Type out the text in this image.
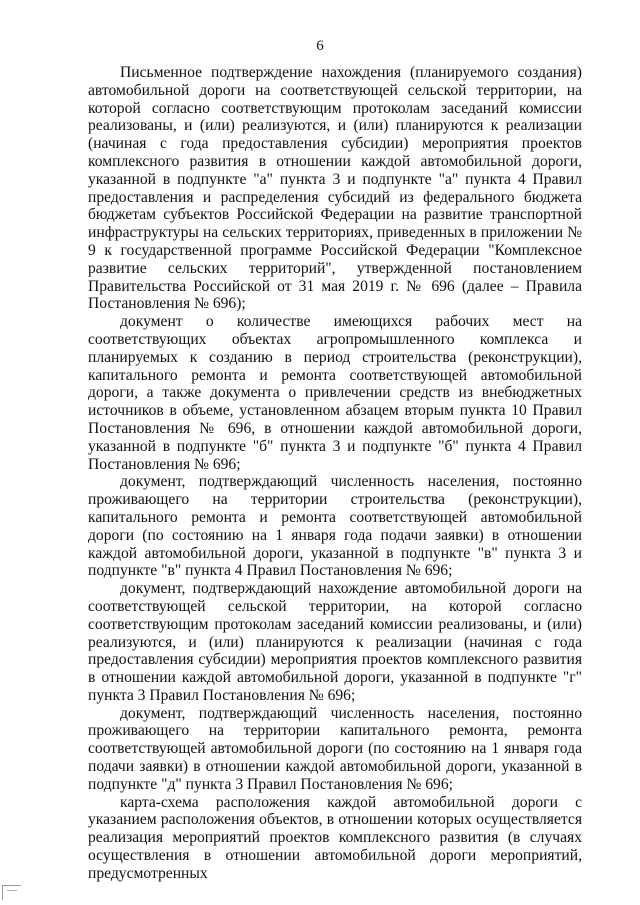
6

Письменное подтверждение нахождения (планируемого создания) автомобильной дороги на соответствующей сельской территории, на которой согласно соответствующим протоколам заседаний комиссии реализованы, и (или) реализуются, и (или) планируются к реализации (начиная с года предоставления субсидии) мероприятия проектов комплексного развития в отношении каждой автомобильной дороги, указанной в подпункте "а" пункта 3 и подпункте "а" пункта 4 Правил предоставления и распределения субсидий из федерального бюджета бюджетам субъектов Российской Федерации на развитие транспортной инфраструктуры на сельских территориях, приведенных в приложении № 9 к государственной программе Российской Федерации "Комплексное развитие сельских территорий", утвержденной постановлением Правительства Российской от 31 мая 2019 г. № 696 (далее – Правила Постановления № 696);

документ о количестве имеющихся рабочих мест на соответствующих объектах агропромышленного комплекса и планируемых к созданию в период строительства (реконструкции), капитального ремонта и ремонта соответствующей автомобильной дороги, а также документа о привлечении средств из внебюджетных источников в объеме, установленном абзацем вторым пункта 10 Правил Постановления № 696, в отношении каждой автомобильной дороги, указанной в подпункте "б" пункта 3 и подпункте "б" пункта 4 Правил Постановления № 696;

документ, подтверждающий численность населения, постоянно проживающего на территории строительства (реконструкции), капитального ремонта и ремонта соответствующей автомобильной дороги (по состоянию на 1 января года подачи заявки) в отношении каждой автомобильной дороги, указанной в подпункте "в" пункта 3 и подпункте "в" пункта 4 Правил Постановления № 696;

документ, подтверждающий нахождение автомобильной дороги на соответствующей сельской территории, на которой согласно соответствующим протоколам заседаний комиссии реализованы, и (или) реализуются, и (или) планируются к реализации (начиная с года предоставления субсидии) мероприятия проектов комплексного развития в отношении каждой автомобильной дороги, указанной в подпункте "г" пункта 3 Правил Постановления № 696;

документ, подтверждающий численность населения, постоянно проживающего на территории капитального ремонта, ремонта соответствующей автомобильной дороги (по состоянию на 1 января года подачи заявки) в отношении каждой автомобильной дороги, указанной в подпункте "д" пункта 3 Правил Постановления № 696;

карта-схема расположения каждой автомобильной дороги с указанием расположения объектов, в отношении которых осуществляется реализация мероприятий проектов комплексного развития (в случаях осуществления в отношении автомобильной дороги мероприятий, предусмотренных
